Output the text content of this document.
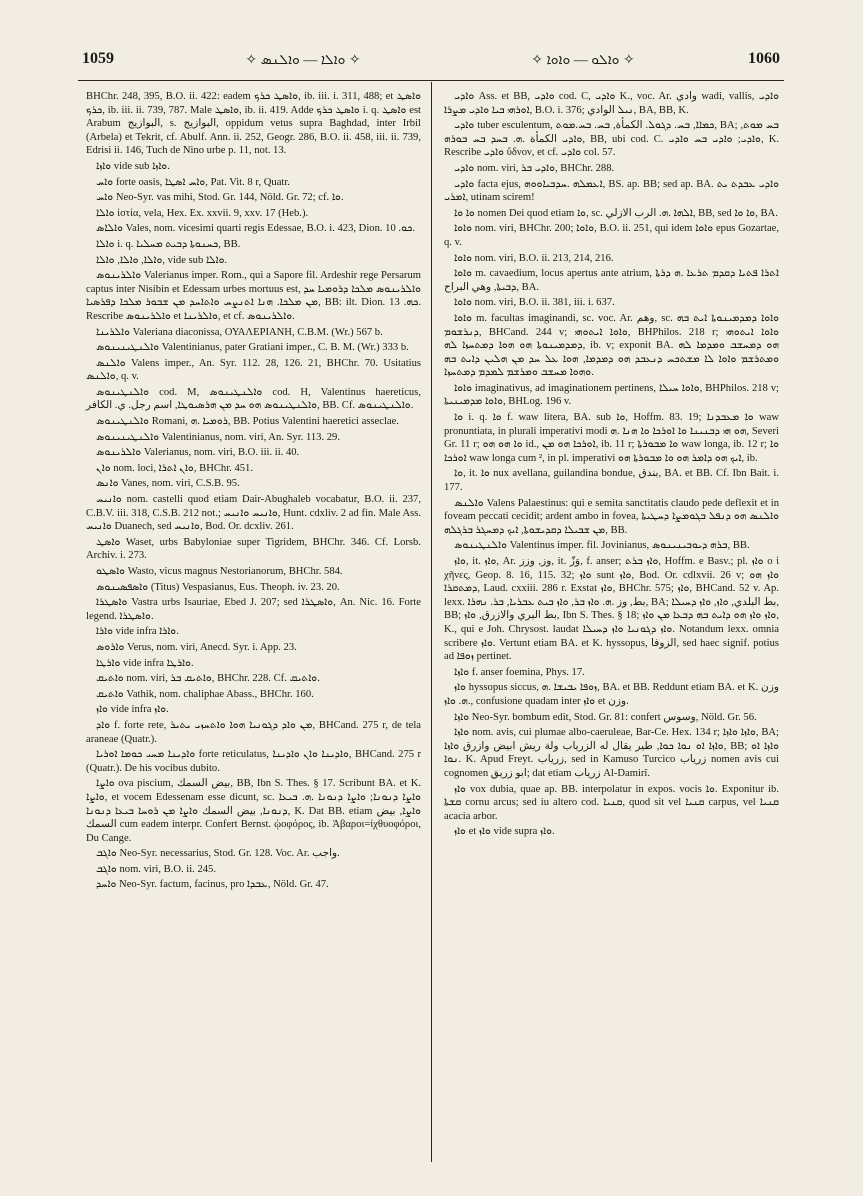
1059	✧ ܘܐܠܐ — ܘܐܠܢܣ ✧	✧ ܘܐܠܘ — ܘܐܘܐ ✧	1060

BHChr. 248, 395, B.O. ii. 422: eadem ܘܐܣܛ ܟܪܟ, ib. iii. i. 311, 488; et ܘܐܣܛ ܟܪܟ, ib. iii. ii. 739, 787. Male ܘܐܣܛ, ib. ii. 419. Adde ܘܐܣܛ ܟܪܟ i. q. ܘܐܣܛ est Arabum البوازيج, s. البوازيج, oppidum vetus supra Baghdad, inter Irbil (Arbela) et Tekrit, cf. Abulf. Ann. ii. 252, Geogr. 286, B.O. ii. 458, iii. ii. 739, Edrisi ii. 146, Tuch de Nino urbe p. 11, not. 13.

ܘܐܙܐ vide sub ܘܐܙܐ.

ܘܐܚ forte oasis, ܘܐܚ ܐܣܛܐ, Pat. Vit. 8 r, Quatr.

ܘܐܚ Neo-Syr. vas mihi, Stod. Gr. 144, Nöld. Gr. 72; cf. ܘܐ.

ܘܐܠܐ ἱστία, vela, Hex. Ex. xxvii. 9, xxv. 17 (Heb.).

ܘܐܠܐܣ Vales, nom. vicesimi quarti regis Edessae, B.O. i. 423, Dion. ܟܘ. 10.

ܘܐܠܐ i. q. ܟܚܢܘܬܐ ܕܒܝܬ ܡܚܠܝܐ, BB.

ܘܐܠܐ, ܘܐܠܐ, ܘܐܠܐ, vide sub ܘܐܠܐ.

ܘܐܠܪܝܢܘܣ Valerianus imper. Rom., qui a Sapore fil. Ardeshir rege Persarum captus inter Nisibin et Edessam urbes mortuus est, ܘܐܠܪܝܢܘܣ ܡܠܟܐ ܕܪܘܡܝܐ ܚܕ ܡܢ ܡܠܟܐ. ܗܢܐ ܐܬܢܨܚ ܘܐܬܐܚܕ ܡܢ ܫܒܘܪ ܡܠܟܐ ܕܦܪܣܝܐ, BB: ilt. Dion. ܟܗ. 13. Rescribe ܘܐܠܪܝܢܘܣ et ܘܐܠܪܝܢܐ, et cf. ܘܐܠܪܝܢܘܣ.

ܘܐܠܪܝܢܐ Valeriana diaconissa, ΟΥΑΛΕΡΙΑΝΗ, C.B.M. (Wr.) 567 b.

ܘܐܠܢܛܝܢܝܢܘܣ Valentinianus, pater Gratiani imper., C. B. M. (Wr.) 333 b.

ܘܐܠܢܣ Valens imper., An. Syr. 112. 28, 126. 21, BHChr. 70. Usitatius ܘܐܠܢܣ, q. v.

ܘܐܠܢܛܝܢܘܣ cod. M, ܘܐܠܢܛܝܢܘܣ cod. H, Valentinus haereticus, ܘܐܠܢܛܝܢܘܣ ܗܘ ܚܕ ܡܢ ܗܪܣܝܘܛܐ, اسم رجل. ي. الكافر, BB. Cf. ܘܐܠܢܛܝܢܘܣ.

ܘܐܠܢܛܝܢܘܣ Romani, ܪܘܡܝܐ .ܗ, BB. Potius Valentini haeretici asseclae.

ܘܐܠܢܛܝܢܝܢܘܣ Valentinianus, nom. viri, An. Syr. 113. 29.

ܘܐܠܪܝܢܘܣ Valerianus, nom. viri, B.O. iii. ii. 40.

ܘܐܢ nom. loci, ܘܐܢ ܐܬܪܐ, BHChr. 451.

ܘܐܢܣ Vanes, nom. viri, C.S.B. 95.

ܘܐܢܝܚ nom. castelli quod etiam Dair-Abughaleb vocabatur, B.O. ii. 237, C.B.V. iii. 318, C.S.B. 212 not.; ܘܐܢܝܚ ܘܐܢܝܚ, Hunt. cdxliv. 2 ad fin. Male Ass. ܘܐܢܝܚ Duanech, sed ܘܐܢܝܚ, Bod. Or. dcxliv. 261.

ܘܐܣܛ Waset, urbs Babyloniae super Tigridem, BHChr. 346. Cf. Lorsb. Archiv. i. 273.

ܘܐܣܛܘ Wasto, vicus magnus Nestorianorum, BHChr. 584.

ܘܐܣܦܣܝܢܘܣ (Titus) Vespasianus, Eus. Theoph. iv. 23. 20.

ܘܐܣܛܪܐ Vastra urbs Isauriae, Ebed J. 207; sed ܘܐܣܛܪܐ, An. Nic. 16. Forte legend. ܘܐܣܛܪܐ.

ܘܐܪܐ vide infra ܘܐܪܐ.

ܘܐܪܘܣ Verus, nom. viri, Anecd. Syr. i. App. 23.

ܘܐܪܛܐ vide infra ܘܐܪܛܐ.

ܘܐܬܝܩ nom. viri, ܘܐܬܝܩ ܒܪ, BHChr. 228. Cf. ܘܐܬܝܩ.

ܘܐܬܝܩ Vathik, nom. chaliphae Abass., BHChr. 160.

ܘܐܙ vide infra ܘܐܙ.

ܘܐܕ f. forte rete, ܡܢ ܘܐܕ ܕܓܘܢܝܐ ܗܘܐ ܘܐܬܚܙܝ ܝܬܝܪ, BHCand. 275 r, de tela araneae (Quatr.).

ܘܐܕܝܢܐ ܡܚܝ ܟܘܡܐ ܐܘܪܝܐ forte reticulatus, ܘܐܕܝܢܐ ܘܐܢ ܘܐܕܝܢܐ, BHCand. 275 r (Quatr.). De his vocibus dubito.

ܘܐܨܐ ova piscium, بيض السمك, BB, Ibn S. Thes. § 17. Scribunt BA. et K. ܘܐܨܐ, et vocem Edessenam esse dicunt, sc. ܘܐܨܐ ܕܢܘܢܐ; ܘܐܨܐ ܕܢܘܢܐ .ܗ. ܒܝܥܐ ܕܢܘܢܐ, بيض السمك ܘܐܨܐ ܡܢ ܪܘܚܐ ܒܝܥܐ ܕܢܘܢܐ, K. Dat BB. etiam ܘܐܨܐ, بيض السمك cum eadem interpr. Confert Bernst. ᾠοφόρος, ib. Ἀβαροι=ἰχθυοφόροι, Du Cange.

ܘܐܓܒ Neo-Syr. necessarius, Stod. Gr. 128. Voc. Ar. واجب.

ܘܐܓܒ nom. viri, B.O. ii. 245.

ܘܐܚܕ Neo-Syr. factum, facinus, pro ܥܒܕܐ, Nöld. Gr. 47.

ܘܐܕܝ Ass. et BB, ܘܐܕܝ cod. C, ܘܐܕܝ K., voc. Ar. وادي wadi, vallis, ܘܐܕܝ ܐܘܪܗܝ ܒܝܐ ܘܐܕܝ ܡܨܪܐ, B.O. i. 376; ܢܝܠ الوادي, BA, BB, K.

ܘܐܕܝ tuber esculentum, ܟܡܐܐ, ܒܚ. ܕܓܘܠ. الكمأة, ܒܚ. ܒܚ.ܡܘܬ, BA; ܒܚ ܡܘܬ, ܘܐܕܝ الكمأة .ܗ. ܒܚܕ ܒܚ ܒܘܪܗ, BB, ubi cod. C. ܘܐܕܝ; ܘܐܕܝ ܒܚ ܘܐܕܝ, K. Rescribe ܘܐܕܝ ὕδνον, et cf. ܘܐܕܝ col. 57.

ܘܐܕܝ nom. viri, ܘܐܕܝ ܒܪ, BHChr. 288.

ܘܐܕܝ facta ejus, ܐܥܡܠܗ .ܚܕܒܝܐܘܘܗ, BS. ap. BB; sed ap. BA. ܘܐܕܝ ܥܒܕܬ ܝܬ ܐܡܪܝ, utinam scirem!

ܘܐ ܘܐ nomen Dei quod etiam ܘܐ, sc. ܐܠܗܐ .ܗ. الرب الازلي, BB, sed ܘܐ ܘܐ, BA.

ܘܐܘܐ nom. viri, BHChr. 200; ܘܐܘܐ, B.O. ii. 251, qui idem ܘܐܘܐ epus Gozartae, q. v.

ܘܐܘܐ nom. viri, B.O. ii. 213, 214, 216.

ܘܐܘܐ m. cavaedium, locus apertus ante atrium, ܐܬܪܐ ܦܬܝܐ ܕܩܕܡ ܬܪܥܐ .ܗ ܕܪܬܐ ܕܒܝܬܐ, وهي البراح, BA.

ܘܐܘܐ nom. viri, B.O. ii. 381, iii. i. 637.

ܘܐܘܐ m. facultas imaginandi, sc. voc. Ar. وهم, sc. ܘܐܘܐ ܕܡܕܡܝܢܘܬܐ ܐܝܬ ܒܗ ܕܢܪܫܘܡ, BHCand. 244 v; ܘܐܘܐ ܐܝܬܘܗܝ, BHPhilos. 218 r; ܘܐܘܐ ܐܝܬܘܗܝ ܕܡܕܡܝܢܘܬܐ ܗܘ ܗܘܐ ܕܡܬܚܙܐ ܠܗ, ib. v; exponit BA. ܗܘ ܕܡܚܫܒ ܘܡܕܡܐ ܠܗ ܘܡܬܪܫܡ ܘܐܘܐ ܠܐ ܡܫܬܟܚ ܕܢܥܒܕ ܗܘ ܕܡܕܡܐ, ܗܘܐ ܥܠ ܚܕ ܡܢ ܗܠܝܢ ܕܐܝܬ ܒܗ ܘܗܘܐ ܡܚܫܒ ܘܡܪܫܡ ܠܡܕܡ ܕܡܬܚܙܐ.

ܘܐܘܐ imaginativus, ad imaginationem pertinens, ܘܐܘܐ ܚܝܠܐ, BHPhilos. 218 v; ܘܐܘܐ ܡܕܡܝܢܝܬܐ, BHLog. 196 v.

ܘܐ i. q. ܘܐ f. waw litera, BA. sub ܘܐ, Hoffm. 83. 19; ܘܐ ܡܥܒܕܢܐ waw pronuntiata, in plurali imperativi modi ܗܘ ܗܝ ܕܒܢܝܢܐ ܘܐ ܐܘܪܟܐ ܘܐ ܗܢܐ .ܗ, Severi Gr. 11 r; ܘܐ ܗܘ ܗܘ id., ܐܘܪܟܐ ܗܘ ܡܢ, ib. 11 r; ܘܐ ܡܒܘܪܬܐ waw longa, ib. 12 r; ܘܐ ܐܘܪܟܐ waw longa cum ², in pl. imperativi ܐܝܟ ܗܘ ܕܐܡܪ ܗܘ ܘܐ ܡܒܘܪܬܐ ܗܘ, ib.

ܘܐ, it. ܘܐ nux avellana, guilandina bondue, بندق, BA. et BB. Cf. Ibn Bait. i. 177.

ܘܐܠܢܣ Valens Palaestinus: qui e semita sanctitatis claudo pede deflexit et in foveam peccati cecidit; ardent ambo in fovea, ܘܐܠܢܣ ܗܘ ܕܢܦܠ ܒܓܘܡܨܐ ܕܚܛܝܬܐ ܡܢ ܫܒܝܠܐ ܕܩܕܝܫܘܬܐ, ܐܝܟ ܕܡܚܓܪ ܒܪܓܠܗ, BB.

ܘܐܠܢܛܝܢܘܣ Valentinus imper. fil. Jovinianus, ܒܪܗ ܕܝܘܒܝܢܝܢܘܣ, BB.

ܘܐܙ, it. ܘܐܙ, Ar. وز, وزز, it. وَزّ, f. anser; ܘܐܙ ܒܪܬ, Hoffm. e Basv.; pl. ܘܐܙ ο ἱ χῆνες, Geop. 8. 16, 115. 32; ܘܐܙ sunt ܘܐܙ, Bod. Or. cdlxvii. 26 v; ܘܐܙ ܗܘ ܕܡܬܩܪܐ, Laud. cxxiii. 286 r. Exstat ܘܐܙ, BHChr. 575; ܘܐܙ, BHCand. 52 v. Ap. lexx. بط, وز .ܗ. ܘܐܙ ܒܪ, ܘܐܙ ܒܝܬ ܥܒܪܝܐ, ܒܪ. ܢܗܪܐ, BA; بط البلدي, ܘܐܙ, ܘܐܙ ܕܚܝܠܐ, BB; بط البري والازرق, ܘܐܙ, Ibn S. Thes. § 18; ܘܐܙ ܘܐܙ ܗܘ ܕܐܝܬ ܒܗ ܕܒܥܐ ܡܢ ܘܐܙ, K., qui e Joh. Chrysost. laudat ܘܐܙ ܕܓܘܢܝܐ ܘܐܙ ܕܚܝܠܐ. Notandum lexx. omnia scribere ܘܐܙ. Vertunt etiam BA. et K. hyssopus, الزوفا, sed haec signif. potius ad ܙܘܦܐ pertinet.

ܘܐܙܐ f. anser foemina, Phys. 17.

ܘܐܙ hyssopus siccus, ܙܘܦܐ ܝܒܝܫܐ .ܗ, BA. et BB. Reddunt etiam BA. et K. وزن .ܗ. ܘܐܙ, confusione quadam inter ܘܐܙ et وزن.

ܘܐܙܐ Neo-Syr. bombum edit, Stod. Gr. 81: confert وسوس, Nöld. Gr. 56.

ܘܐܙܐ nom. avis, cui plumae albo-caeruleae, Bar-Ce. Hex. 134 r; ܘܐܙܐ ܘܐܙܐ, BA; ܘܐܙܐ ܐܘ ܢܘܐ ܟܘܐ, طير يقال له الزرياب ولة ريش ابيض وازرق ܘܐܙܐ, BB; ܘܐܙܐ ܐܘ ܢܘܐ. K. Apud Freyt. زرياب, sed in Kamuso Turcico زرياب nomen avis cui cognomen ابو زريق; dat etiam زرياب Al-Damirî.

ܘܐܙ vox dubia, quae ap. BB. interpolatur in expos. vocis ܘܐ. Exponitur ib. ܩܫܬܐ cornu arcus; sed iu altero cod. ܩܢܝܐ, quod sit vel ܩܢܝܐ carpus, vel ܩܢܝܐ acacia arbor.

ܘܐܙ et ܘܐܙ vide supra ܘܐܙ.
